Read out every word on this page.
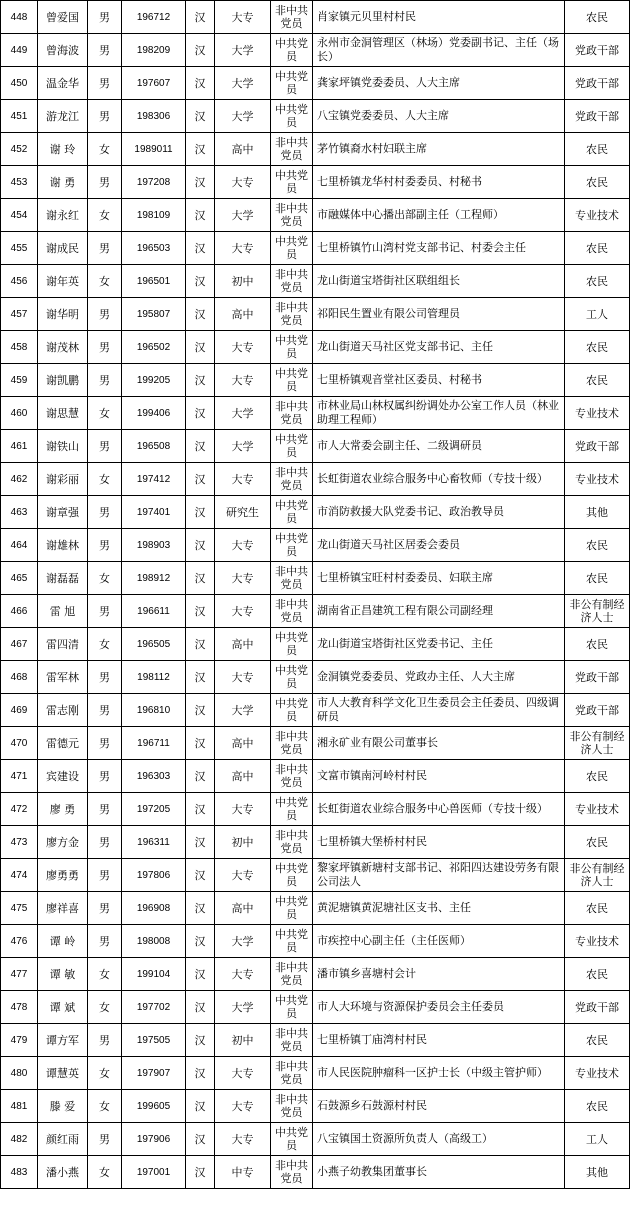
448	曾爱国	男	196712	汉	大专	非中共党员	肖家镇元贝里村村民	农民
449	曾海波	男	198209	汉	大学	中共党员	永州市金洞管理区（林场）党委副书记、主任（场长）	党政干部
450	温金华	男	197607	汉	大学	中共党员	龚家坪镇党委委员、人大主席	党政干部
451	游龙江	男	198306	汉	大学	中共党员	八宝镇党委委员、人大主席	党政干部
452	谢 玲	女	1989011	汉	高中	非中共党员	茅竹镇裔水村妇联主席	农民
453	谢 勇	男	197208	汉	大专	中共党员	七里桥镇龙华村村委委员、村秘书	农民
454	谢永红	女	198109	汉	大学	非中共党员	市融媒体中心播出部副主任（工程师）	专业技术
455	谢成民	男	196503	汉	大专	中共党员	七里桥镇竹山湾村党支部书记、村委会主任	农民
456	谢年英	女	196501	汉	初中	非中共党员	龙山街道宝塔街社区联组组长	农民
457	谢华明	男	195807	汉	高中	非中共党员	祁阳民生置业有限公司管理员	工人
458	谢茂林	男	196502	汉	大专	中共党员	龙山街道天马社区党支部书记、主任	农民
459	谢凯鹏	男	199205	汉	大专	中共党员	七里桥镇观音堂社区委员、村秘书	农民
460	谢思慧	女	199406	汉	大学	非中共党员	市林业局山林权属纠纷调处办公室工作人员（林业助理工程师）	专业技术
461	谢铁山	男	196508	汉	大学	中共党员	市人大常委会副主任、二级调研员	党政干部
462	谢彩丽	女	197412	汉	大专	非中共党员	长虹街道农业综合服务中心畜牧师（专技十级）	专业技术
463	谢章强	男	197401	汉	研究生	中共党员	市消防救援大队党委书记、政治教导员	其他
464	谢雄林	男	198903	汉	大专	中共党员	龙山街道天马社区居委会委员	农民
465	谢磊磊	女	198912	汉	大专	非中共党员	七里桥镇宝旺村村委委员、妇联主席	农民
466	雷 旭	男	196611	汉	大专	非中共党员	湖南省正昌建筑工程有限公司副经理	非公有制经济人士
467	雷四清	女	196505	汉	高中	中共党员	龙山街道宝塔街社区党委书记、主任	农民
468	雷军林	男	198112	汉	大专	中共党员	金洞镇党委委员、党政办主任、人大主席	党政干部
469	雷志刚	男	196810	汉	大学	中共党员	市人大教育科学文化卫生委员会主任委员、四级调研员	党政干部
470	雷德元	男	196711	汉	高中	非中共党员	湘永矿业有限公司董事长	非公有制经济人士
471	宾建设	男	196303	汉	高中	非中共党员	文富市镇南河岭村村民	农民
472	廖 勇	男	197205	汉	大专	中共党员	长虹街道农业综合服务中心兽医师（专技十级）	专业技术
473	廖方金	男	196311	汉	初中	非中共党员	七里桥镇大堡桥村村民	农民
474	廖勇勇	男	197806	汉	大专	中共党员	黎家坪镇新塘村支部书记、祁阳四达建设劳务有限公司法人	非公有制经济人士
475	廖祥喜	男	196908	汉	高中	中共党员	黄泥塘镇黄泥塘社区支书、主任	农民
476	谭 岭	男	198008	汉	大学	中共党员	市疾控中心副主任（主任医师）	专业技术
477	谭 敏	女	199104	汉	大专	非中共党员	潘市镇乡喜塘村会计	农民
478	谭 斌	女	197702	汉	大学	中共党员	市人大环境与资源保护委员会主任委员	党政干部
479	谭方军	男	197505	汉	初中	非中共党员	七里桥镇丁庙湾村村民	农民
480	谭慧英	女	197907	汉	大专	非中共党员	市人民医院肿瘤科一区护士长（中级主管护师）	专业技术
481	滕 爱	女	199605	汉	大专	非中共党员	石鼓源乡石鼓源村村民	农民
482	颜红雨	男	197906	汉	大专	中共党员	八宝镇国土资源所负责人（高级工）	工人
483	潘小燕	女	197001	汉	中专	非中共党员	小燕子幼教集团董事长	其他
